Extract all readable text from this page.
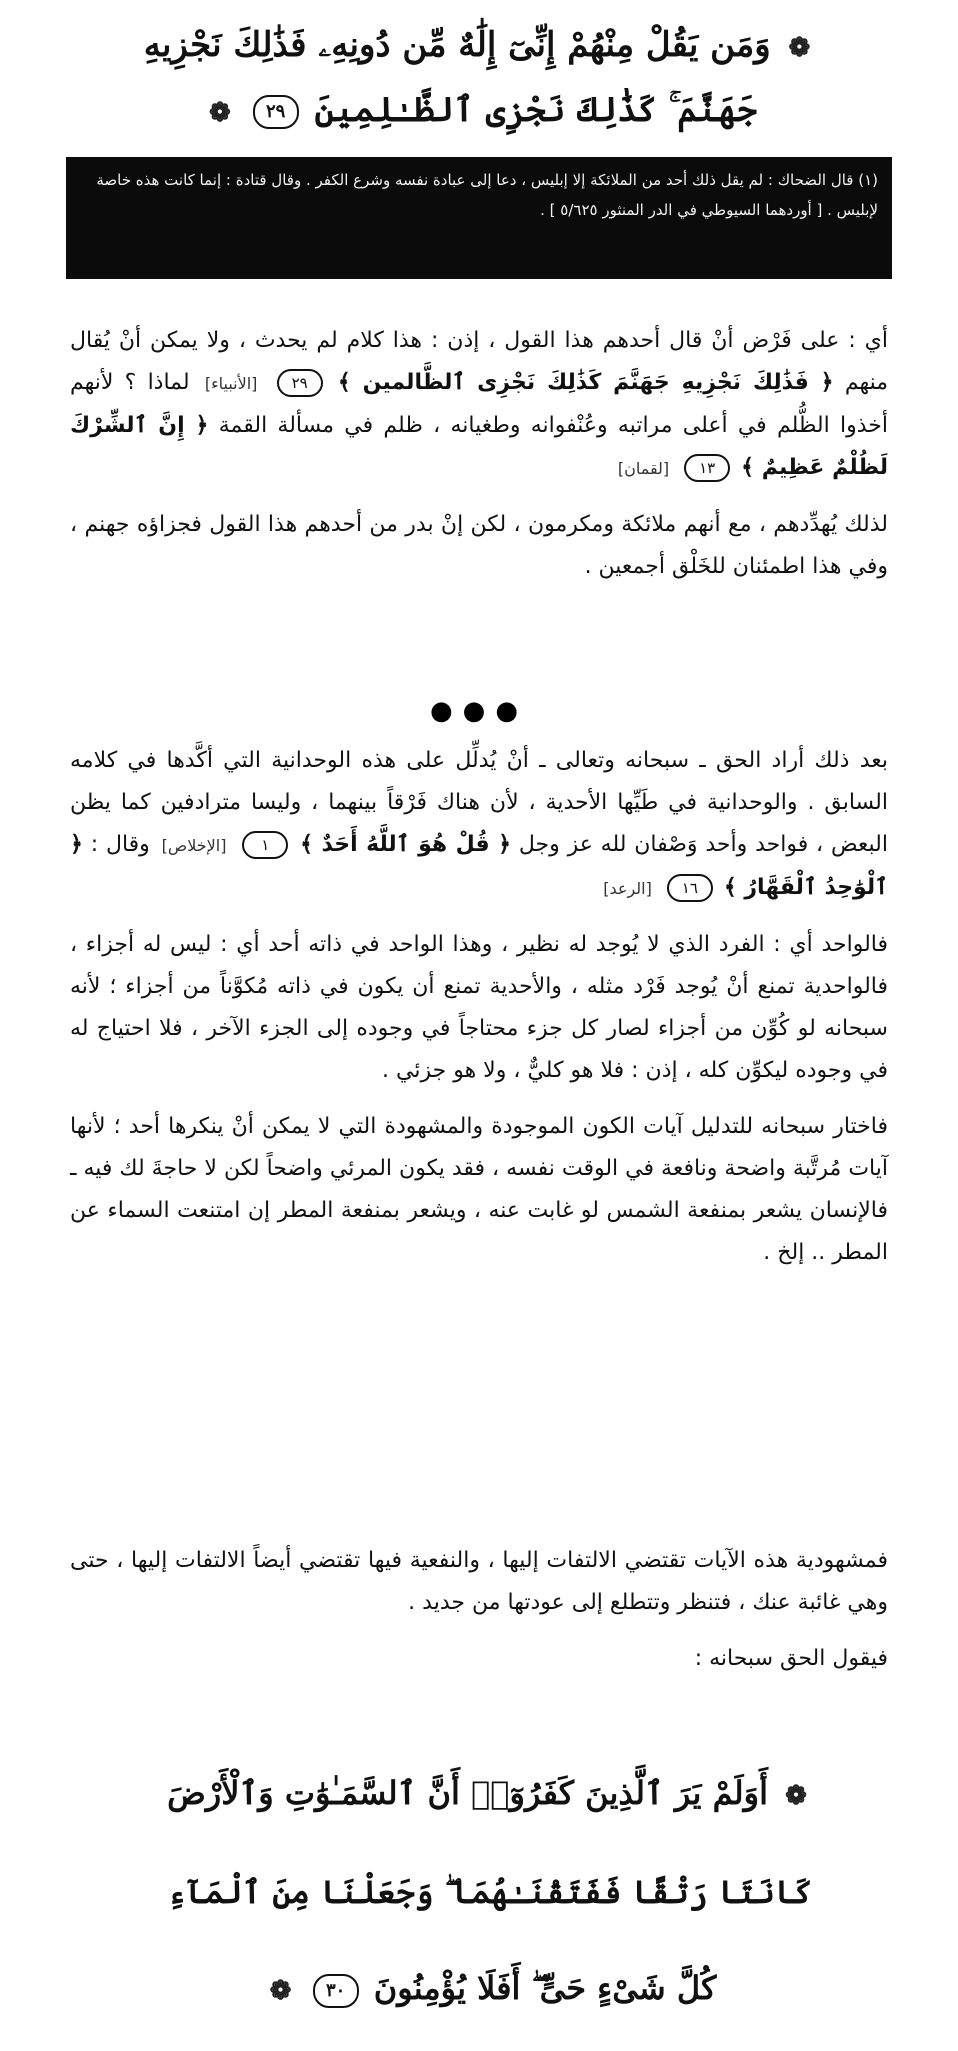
❁ وَمَن يَقُلْ مِنْهُمْ إِنِّىٓ إِلَٰهٌ مِّن دُونِهِۦ فَذَٰلِكَ نَجْزِيهِ
جَهَنَّمَ ۚ كَذَٰلِكَ نَجْزِى ٱلظَّـٰلِمِينَ ٢٩ ❁
(١) قال الضحاك : لم يقل ذلك أحد من الملائكة إلا إبليس ، دعا إلى عبادة نفسه وشرع الكفر . وقال قتادة : إنما كانت هذه خاصة لإبليس . [ أوردهما السيوطي في الدر المنثور ٥/٦٢٥ ] .

أي : على فَرْض أنْ قال أحدهم هذا القول ، إذن : هذا كلام لم يحدث ، ولا يمكن أنْ يُقال منهم ﴿ فَذَٰلِكَ نَجْزِيهِ جَهَنَّمَ كَذَٰلِكَ نَجْزِى ٱلظَّالمين ﴾ ٢٩ [الأنبياء] لماذا ؟ لأنهم أخذوا الظُّلم في أعلى مراتبه وعُنْفوانه وطغيانه ، ظلم في مسألة القمة ﴿ إِنَّ ٱلشِّرْكَ لَظُلْمٌ عَظِيمٌ ﴾ ١٣ [لقمان]

لذلك يُهدِّدهم ، مع أنهم ملائكة ومكرمون ، لكن إنْ بدر من أحدهم هذا القول فجزاؤه جهنم ، وفي هذا اطمئنان للخَلْق أجمعين .

●●●

بعد ذلك أراد الحق ـ سبحانه وتعالى ـ أنْ يُدلِّل على هذه الوحدانية التي أكَّدها في كلامه السابق . والوحدانية في طَيِّها الأحدية ، لأن هناك فَرْقاً بينهما ، وليسا مترادفين كما يظن البعض ، فواحد وأحد وَصْفان لله عز وجل ﴿ قُلْ هُوَ ٱللَّهُ أَحَدٌ ﴾ ١ [الإخلاص] وقال : ﴿ ٱلْوَٰحِدُ ٱلْقَهَّارُ ﴾ ١٦ [الرعد]

فالواحد أي : الفرد الذي لا يُوجد له نظير ، وهذا الواحد في ذاته أحد أي : ليس له أجزاء ، فالواحدية تمنع أنْ يُوجد فَرْد مثله ، والأحدية تمنع أن يكون في ذاته مُكوَّناً من أجزاء ؛ لأنه سبحانه لو كُوِّن من أجزاء لصار كل جزء محتاجاً في وجوده إلى الجزء الآخر ، فلا احتياج له في وجوده ليكوِّن كله ، إذن : فلا هو كليٌّ ، ولا هو جزئي .

فاختار سبحانه للتدليل آيات الكون الموجودة والمشهودة التي لا يمكن أنْ ينكرها أحد ؛ لأنها آيات مُرتَّبة واضحة ونافعة في الوقت نفسه ، فقد يكون المرئي واضحاً لكن لا حاجةَ لك فيه ـ فالإنسان يشعر بمنفعة الشمس لو غابت عنه ، ويشعر بمنفعة المطر إن امتنعت السماء عن المطر .. إلخ .

فمشهودية هذه الآيات تقتضي الالتفات إليها ، والنفعية فيها تقتضي أيضاً الالتفات إليها ، حتى وهي غائبة عنك ، فتنظر وتتطلع إلى عودتها من جديد .

فيقول الحق سبحانه :

❁ أَوَلَمْ يَرَ ٱلَّذِينَ كَفَرُوٓا۟ أَنَّ ٱلسَّمَـٰوَٰتِ وَٱلْأَرْضَ
كَانَتَا رَتْقًا فَفَتَقْنَـٰهُمَا ۖ وَجَعَلْنَا مِنَ ٱلْمَآءِ
كُلَّ شَىْءٍ حَىٍّ ۖ أَفَلَا يُؤْمِنُونَ ٣٠ ❁
